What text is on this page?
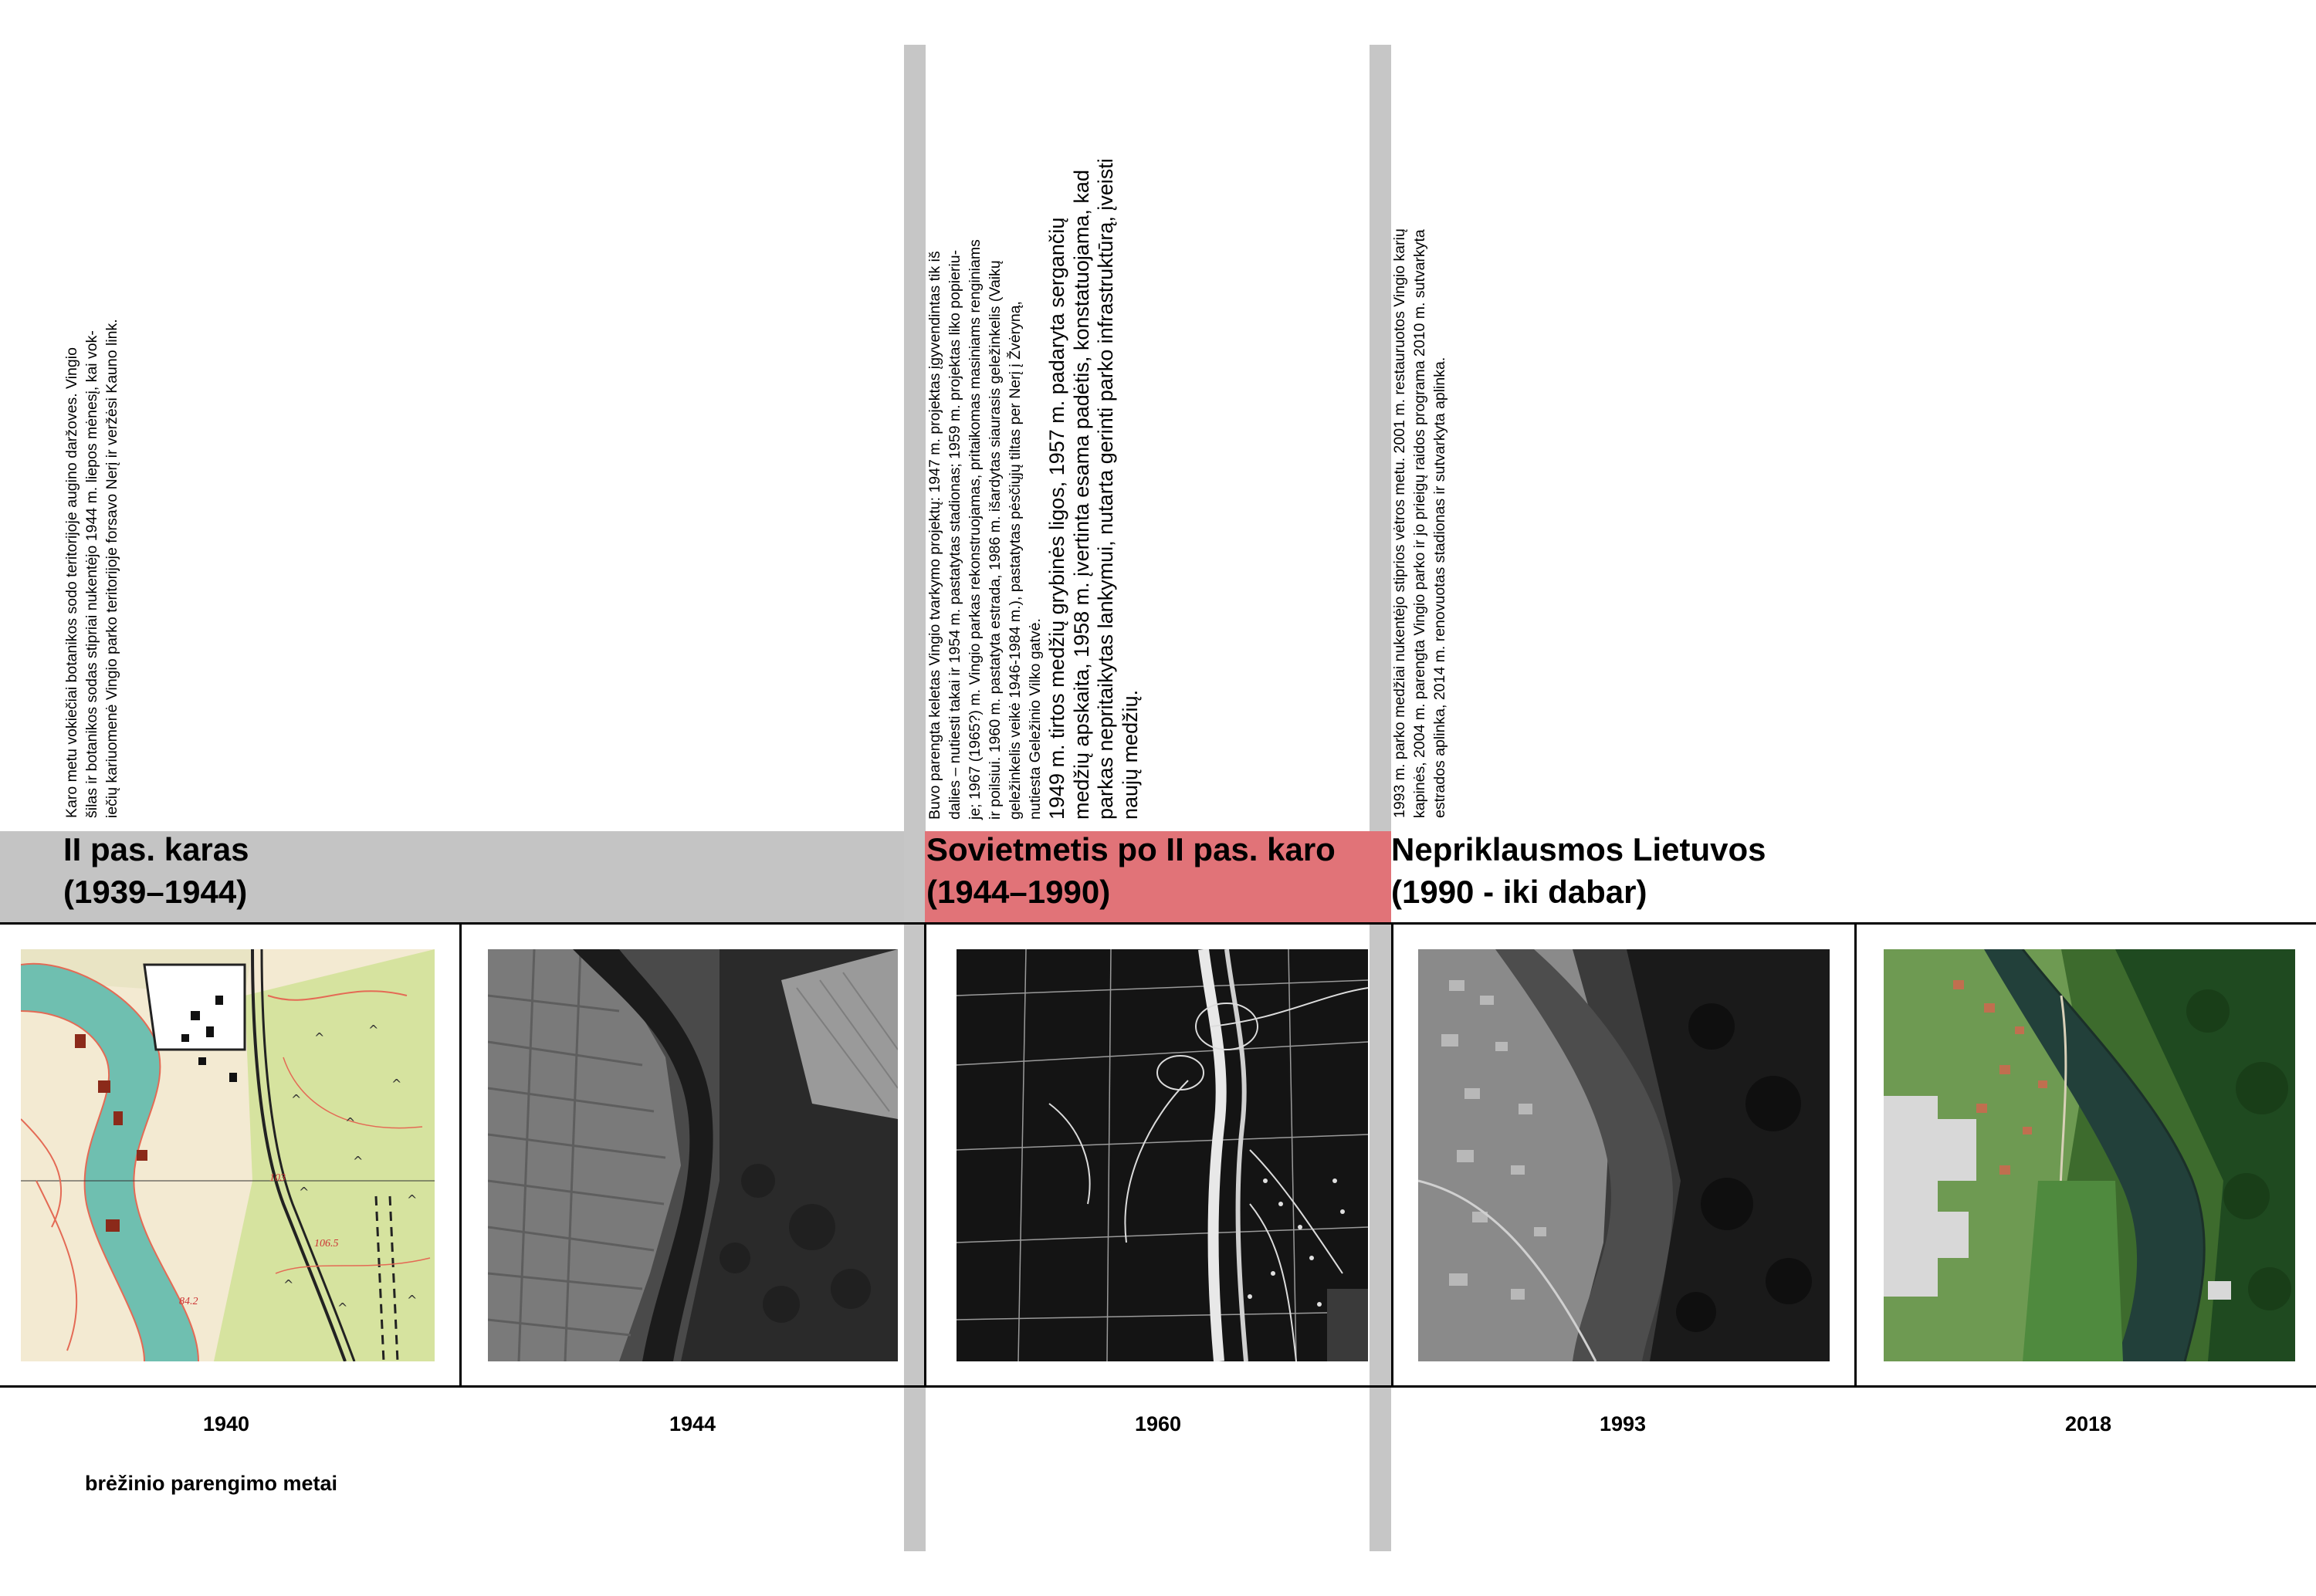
II pas. karas
(1939–1944)
Sovietmetis po II pas. karo
(1944–1990)
Nepriklausmos Lietuvos
(1990 - iki dabar)
Karo metu vokiečiai botanikos sodo teritorijoje augino daržoves. Vingio šilas ir botanikos sodas stipriai nukentėjo 1944 m. liepos mėnesį, kai vok- iečių kariuomenė Vingio parko teritorijoje forsavo Nerį ir veržėsi Kauno link.	Buvo parengta keletas Vingio tvarkymo projektų: 1947 m. projektas įgyvendintas tik iš dalies – nutiesti takai ir 1954 m. pastatytas stadionas; 1959 m. projektas liko popieriu- je; 1967 (1965?) m. Vingio parkas rekonstruojamas, pritaikomas masiniams renginiams ir poilsiui. 1960 m. pastatyta estrada, 1986 m. išardytas siaurasis geležinkelis (Vaikų geležinkelis veikė 1946-1984 m.), pastatytas pėsčiųjų tiltas per Nerį į Žvėryną, nutiesta Geležinio Vilko gatvė. 1949 m. tirtos medžių grybinės ligos, 1957 m. padaryta sergančių medžių apskaita, 1958 m. įvertinta esama padėtis, konstatuojama, kad parkas nepritaikytas lankymui, nutarta gerinti parko infrastruktūrą, įveisti naujų medžių.	1993 m. parko medžiai nukentėjo stiprios vėtros metu. 2001 m. restauruotos Vingio karių kapinės, 2004 m. parengta Vingio parko ir jo prieigų raidos programa 2010 m. sutvarkyta estrados aplinka, 2014 m. renovuotas stadionas ir sutvarkyta aplinka.
84.2
106.5
103
^
^
^
^
^
^
^
^
^
^
^
1940	1944	1960	1993	2018
brėžinio parengimo metai
